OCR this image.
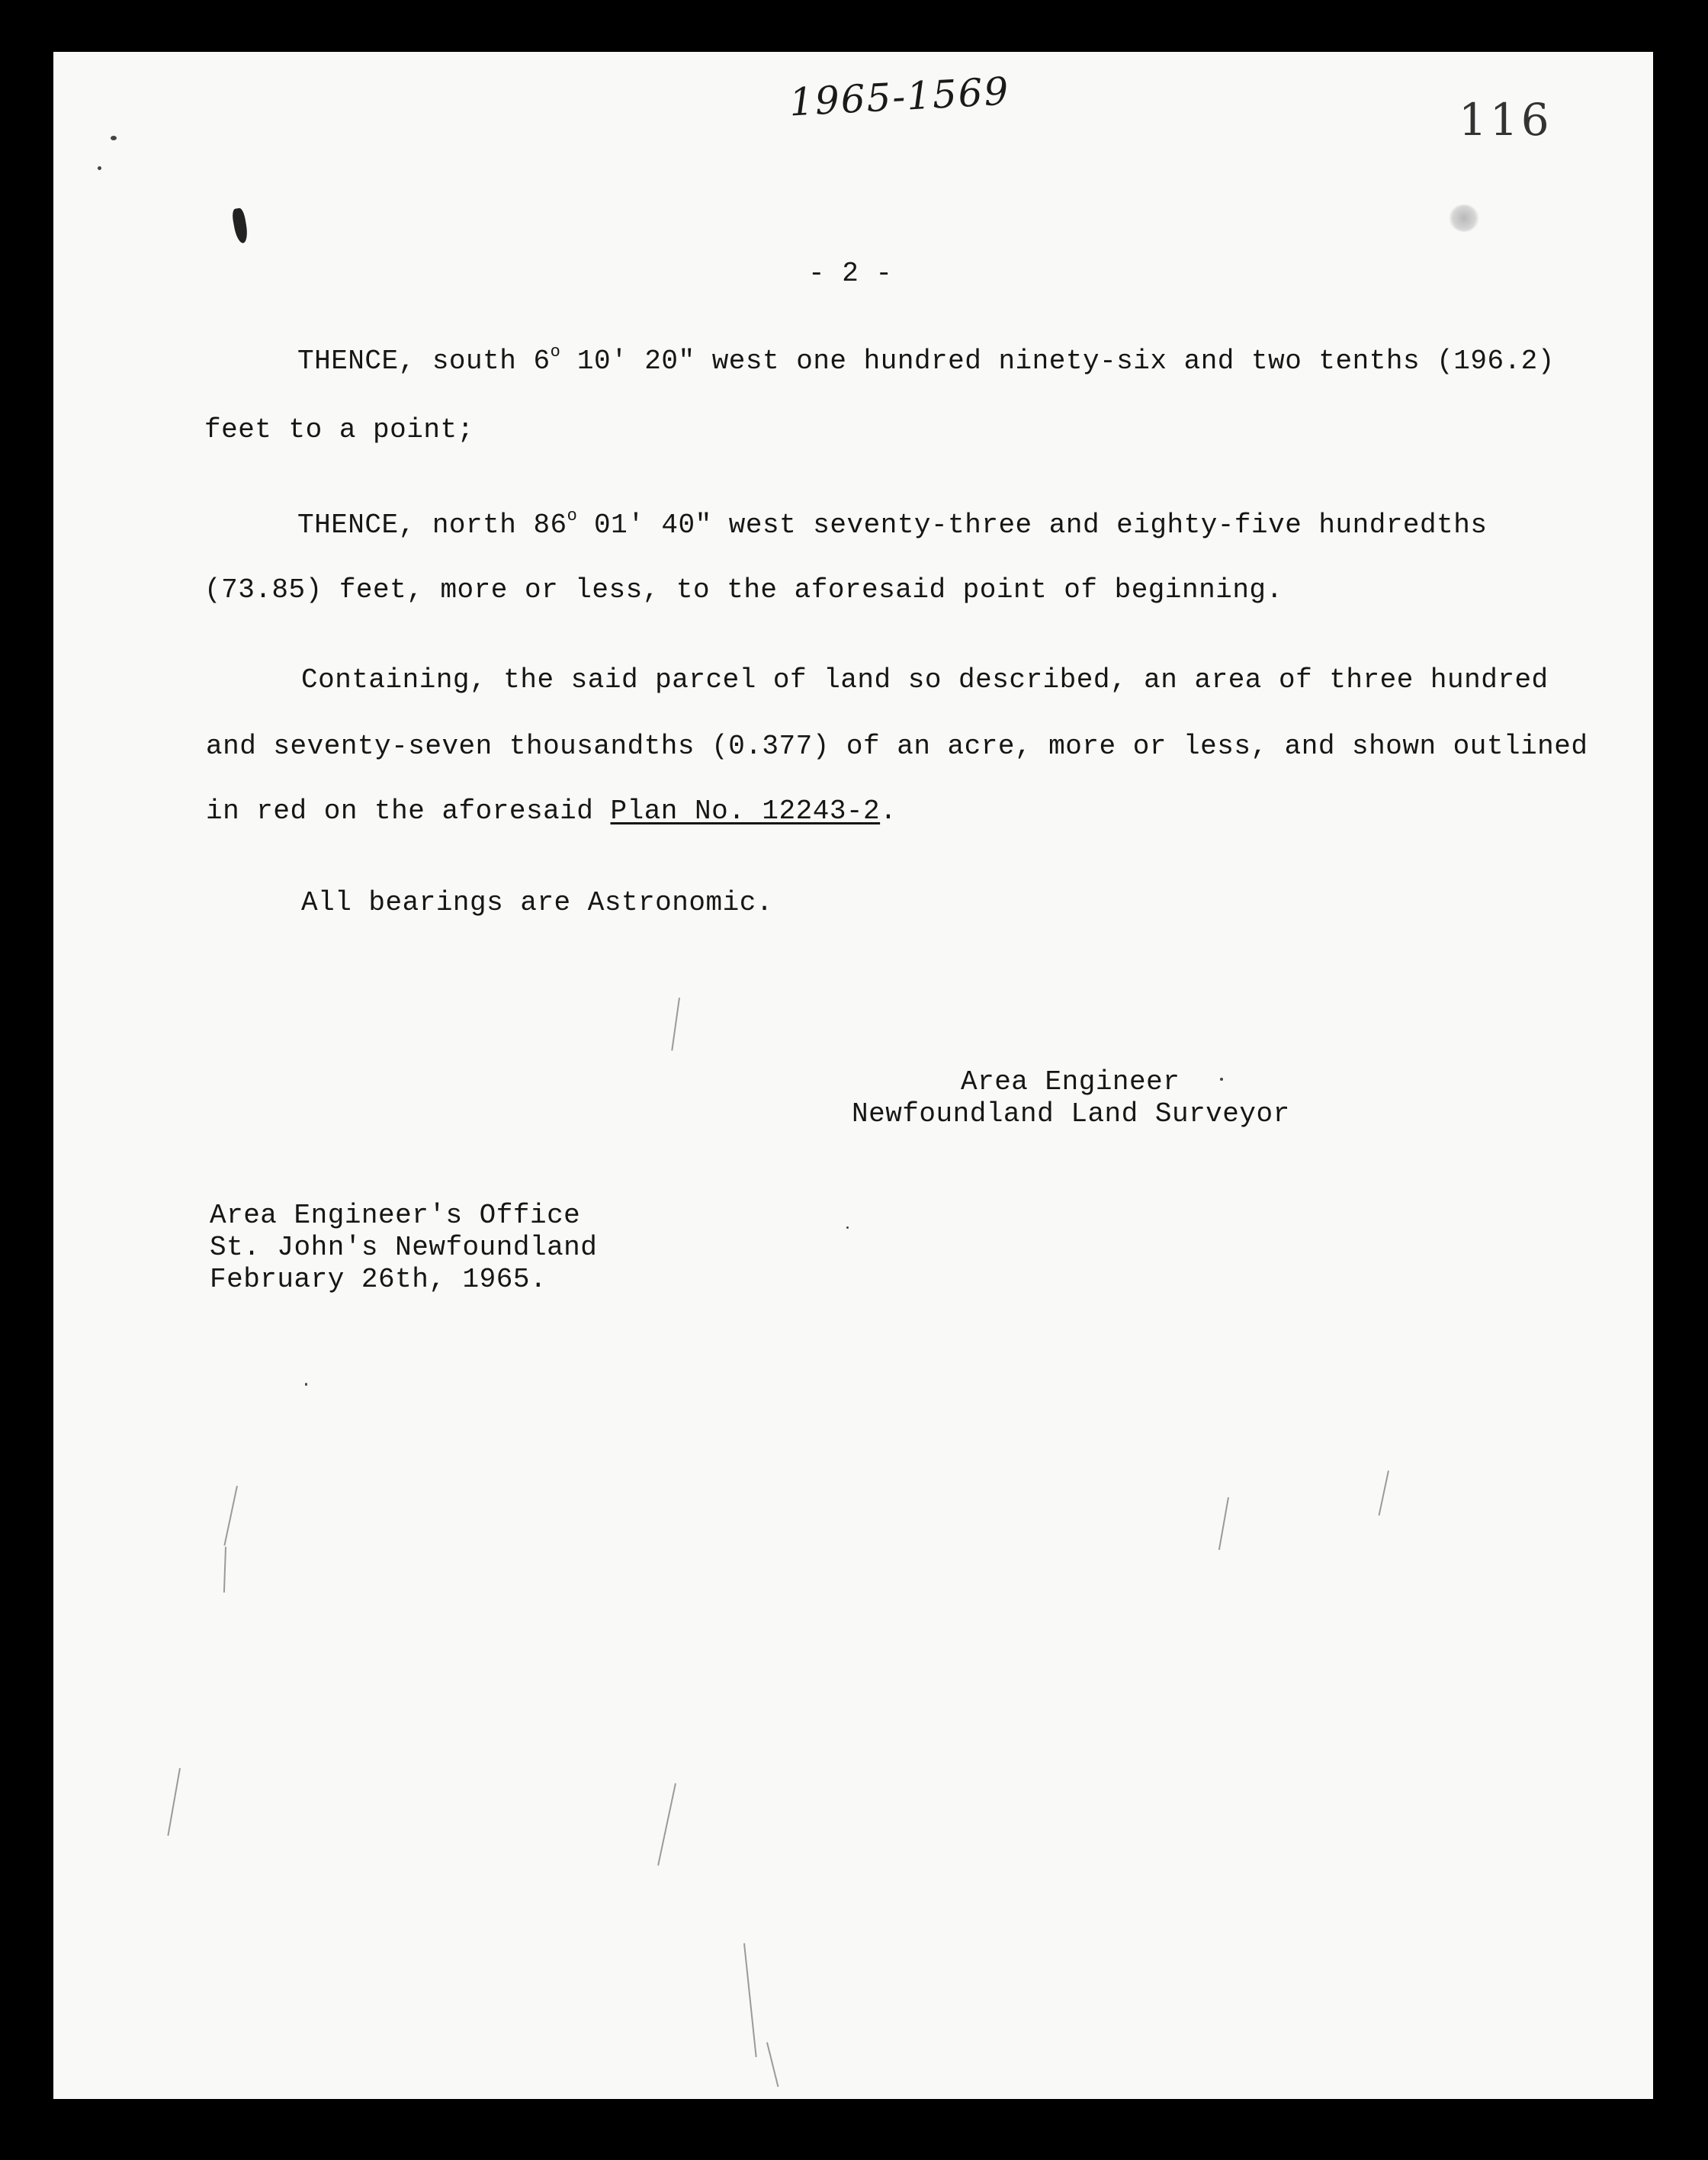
1965-1569	116
- 2 -
THENCE, south 6$^o$ 10' 20" west one hundred ninety-six and two tenths (196.2)
feet to a point;
THENCE, north 86$^o$ 01' 40" west seventy-three and eighty-five hundredths
(73.85) feet, more or less, to the aforesaid point of beginning.
Containing, the said parcel of land so described, an area of three hundred
and seventy-seven thousandths (0.377) of an acre, more or less, and shown outlined
in red on the aforesaid Plan No. 12243-2.
All bearings are Astronomic.
Area Engineer
Newfoundland Land Surveyor
Area Engineer's Office
St. John's Newfoundland
February 26th, 1965.
